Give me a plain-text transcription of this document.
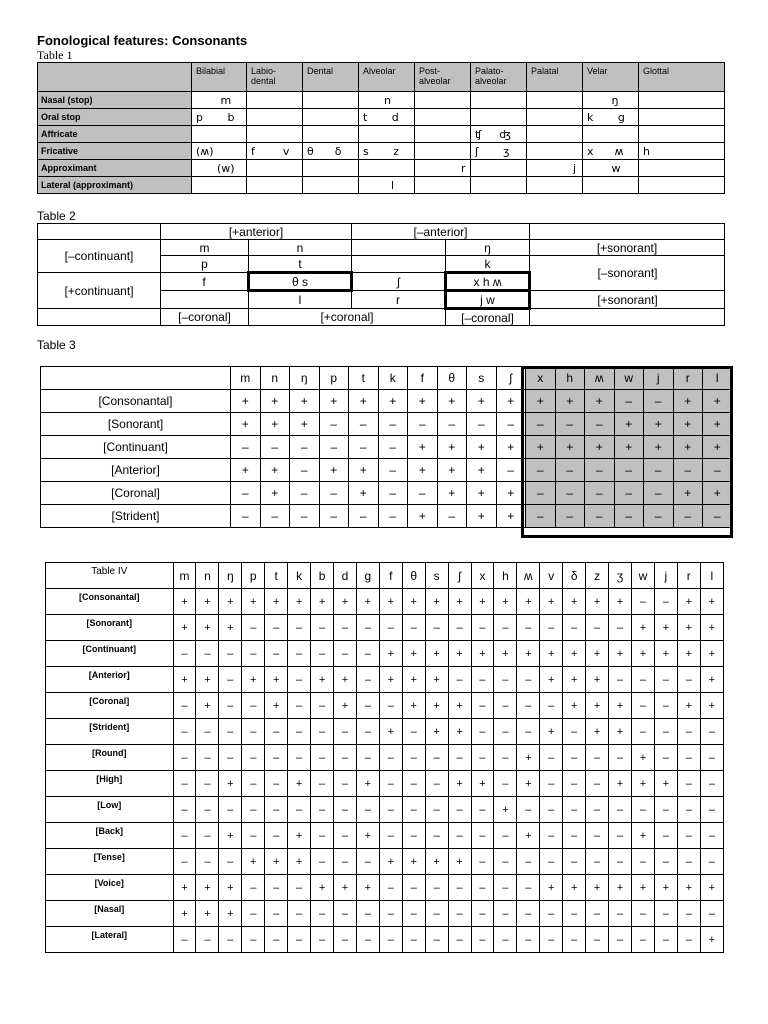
Fonological features: Consonants
Table 1
	Bilabial	Labio- dental	Dental	Alveolar	Post- alveolar	Palato- alveolar	Palatal	Velar	Glottal
Nasal (stop)	m			n				ŋ	
Oral stop	p       b			t       d				k       g	
Affricate						ʧ     ʤ			
Fricative	(ʍ)	f        v	θ      δ	s       z		ʃ       ʒ		x      ʍ	h
Approximant	(w)				r		j	w	
Lateral (approximant)				l					
Table 2
	[+anterior]		[–anterior]		
[–continuant]	m	n		ŋ	[+sonorant]
	p	t		k	[–sonorant]
[+continuant]	f	θ s	ʃ	x h ʍ	
		l	r	j w	[+sonorant]
	[–coronal]	[+coronal]		[–coronal]	
Table 3
	m	n	ŋ	p	t	k	f	θ	s	ʃ	x	h	ʍ	w	j	r	l
[Consonantal]	+	+	+	+	+	+	+	+	+	+	+	+	+	–	–	+	+
[Sonorant]	+	+	+	–	–	–	–	–	–	–	–	–	–	+	+	+	+
[Continuant]	–	–	–	–	–	–	+	+	+	+	+	+	+	+	+	+	+
[Anterior]	+	+	–	+	+	–	+	+	+	–	–	–	–	–	–	–	–
[Coronal]	–	+	–	–	+	–	–	+	+	+	–	–	–	–	–	+	+
[Strident]	–	–	–	–	–	–	+	–	+	+	–	–	–	–	–	–	–
Table IV	m	n	ŋ	p	t	k	b	d	g	f	θ	s	ʃ	x	h	ʍ	v	δ	z	ʒ	w	j	r	l
[Consonantal]	+	+	+	+	+	+	+	+	+	+	+	+	+	+	+	+	+	+	+	+	–	–	+	+
[Sonorant]	+	+	+	–	–	–	–	–	–	–	–	–	–	–	–	–	–	–	–	–	+	+	+	+
[Continuant]	–	–	–	–	–	–	–	–	–	+	+	+	+	+	+	+	+	+	+	+	+	+	+	+
[Anterior]	+	+	–	+	+	–	+	+	–	+	+	+	–	–	–	–	+	+	+	–	–	–	–	+
[Coronal]	–	+	–	–	+	–	–	+	–	–	+	+	+	–	–	–	–	+	+	+	–	–	+	+
[Strident]	–	–	–	–	–	–	–	–	–	+	–	+	+	–	–	–	+	–	+	+	–	–	–	–
[Round]	–	–	–	–	–	–	–	–	–	–	–	–	–	–	–	+	–	–	–	–	+	–	–	–
[High]	–	–	+	–	–	+	–	–	+	–	–	–	+	+	–	+	–	–	–	+	+	+	–	–
[Low]	–	–	–	–	–	–	–	–	–	–	–	–	–	–	+	–	–	–	–	–	–	–	–	–
[Back]	–	–	+	–	–	+	–	–	+	–	–	–	–	–	–	+	–	–	–	–	+	–	–	–
[Tense]	–	–	–	+	+	+	–	–	–	+	+	+	+	–	–	–	–	–	–	–	–	–	–	–
[Voice]	+	+	+	–	–	–	+	+	+	–	–	–	–	–	–	–	+	+	+	+	+	+	+	+
[Nasal]	+	+	+	–	–	–	–	–	–	–	–	–	–	–	–	–	–	–	–	–	–	–	–	–
[Lateral]	–	–	–	–	–	–	–	–	–	–	–	–	–	–	–	–	–	–	–	–	–	–	–	+
